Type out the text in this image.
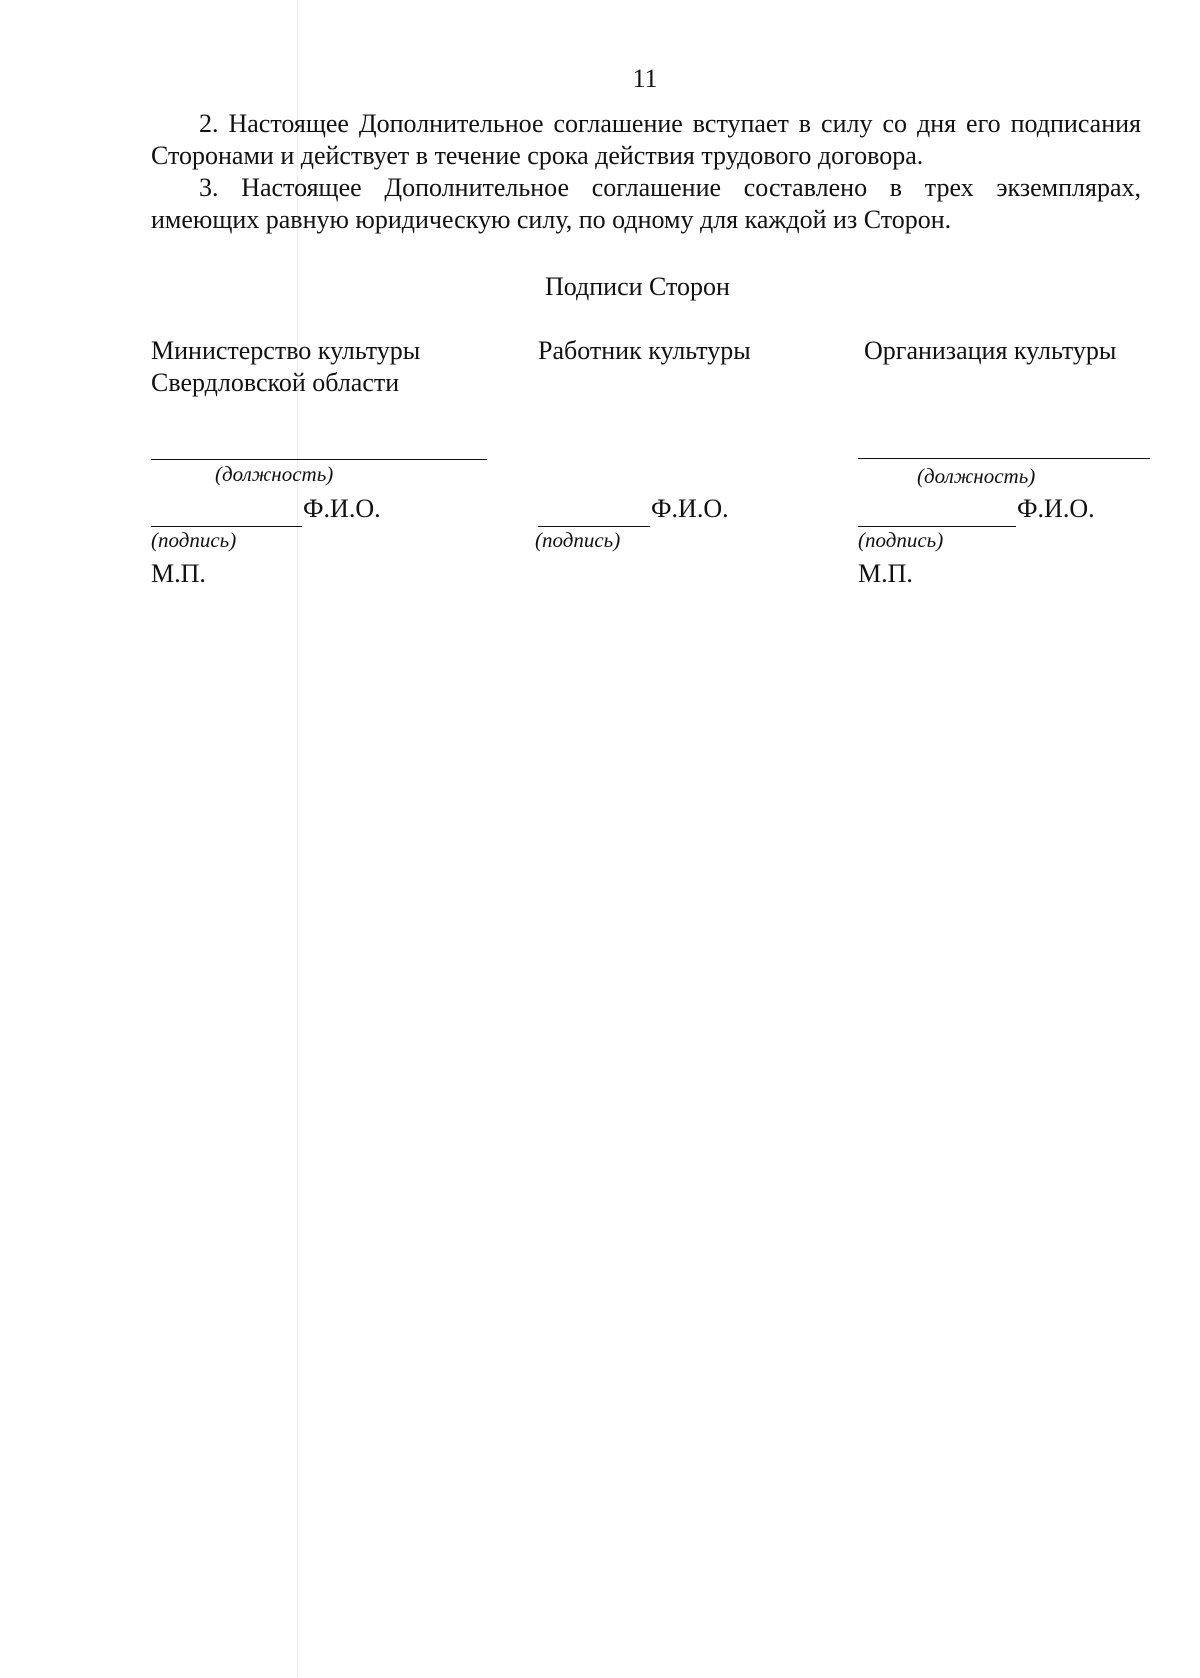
11

2. Настоящее Дополнительное соглашение вступает в силу со дня его подписания Сторонами и действует в течение срока действия трудового договора.

3. Настоящее Дополнительное соглашение составлено в трех экземплярах, имеющих равную юридическую силу, по одному для каждой из Сторон.

Подписи Сторон

Министерство культуры
Свердловской области

(должность)
Ф.И.О.
(подпись)
М.П.

Работник культуры

Ф.И.О.
(подпись)

Организация культуры

(должность)
Ф.И.О.
(подпись)
М.П.
